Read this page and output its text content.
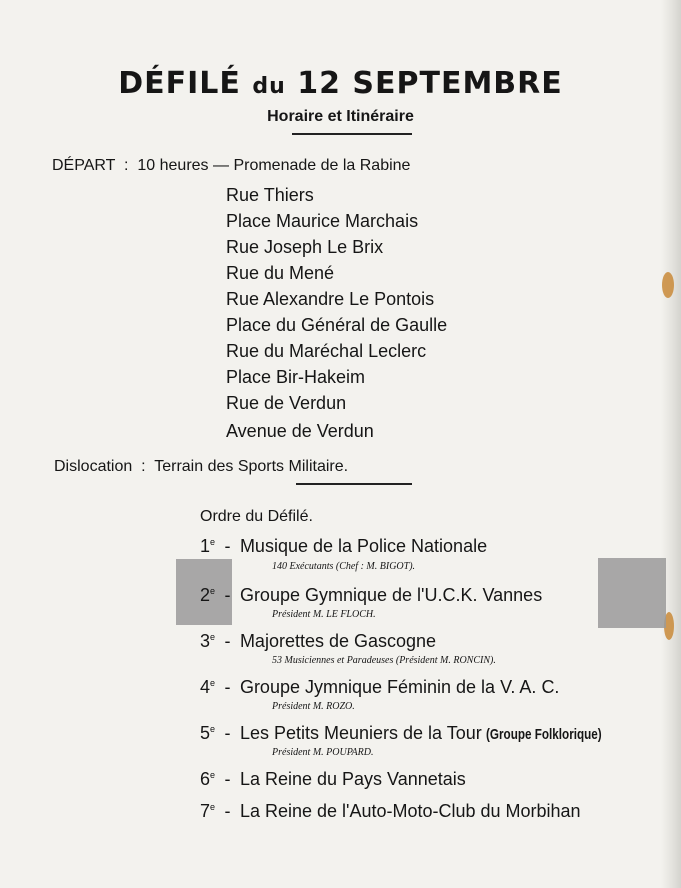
DÉFILÉ du 12 SEPTEMBRE
Horaire et Itinéraire
DÉPART  :  10 heures — Promenade de la Rabine
Rue Thiers
Place Maurice Marchais
Rue Joseph Le Brix
Rue du Mené
Rue Alexandre Le Pontois
Place du Général de Gaulle
Rue du Maréchal Leclerc
Place Bir-Hakeim
Rue de Verdun
Avenue de Verdun
Dislocation  :  Terrain des Sports Militaire.
Ordre du Défilé.
1e  -  Musique de la Police Nationale
140 Exécutants (Chef : M. BIGOT).
2e  -  Groupe Gymnique de l'U.C.K. Vannes
Président M. LE FLOCH.
3e  -  Majorettes de Gascogne
53 Musiciennes et Paradeuses (Président M. RONCIN).
4e  -  Groupe Jymnique Féminin de la V. A. C.
Président M. ROZO.
5e  -  Les Petits Meuniers de la Tour (Groupe Folklorique)
Président M. POUPARD.
6e  -  La Reine du Pays Vannetais
7e  -  La Reine de l'Auto-Moto-Club du Morbihan
